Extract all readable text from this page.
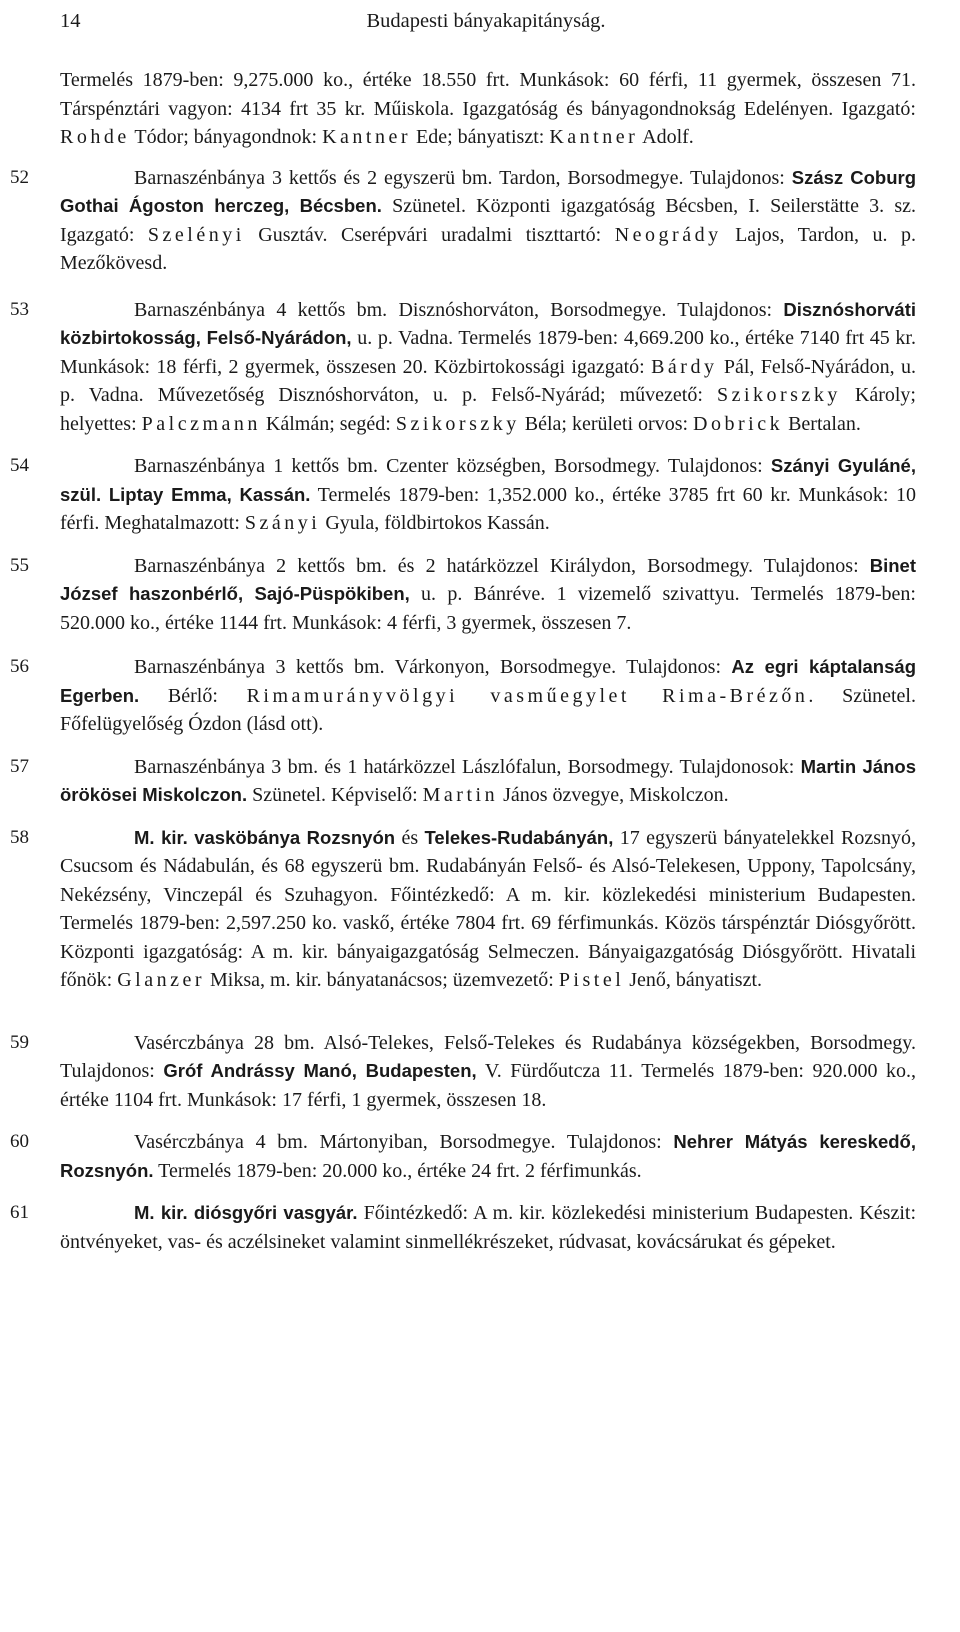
14	Budapesti bányakapitányság.

Termelés 1879-ben: 9,275.000 ko., értéke 18.550 frt. Munkások: 60 férfi, 11 gyermek, összesen 71. Társpénztári vagyon: 4134 frt 35 kr. Műiskola. Igazgatóság és bányagondnokság Edelényen. Igazgató: Rohde Tódor; bányagondnok: Kantner Ede; bányatiszt: Kantner Adolf.

52	Barnaszénbánya 3 kettős és 2 egyszerü bm. Tardon, Borsodmegye. Tulajdonos: Szász Coburg Gothai Ágoston herczeg, Bécsben. Szünetel. Központi igazgatóság Bécsben, I. Seilerstätte 3. sz. Igazgató: Szelényi Gusztáv. Cserépvári uradalmi tiszttartó: Neogrády Lajos, Tardon, u. p. Mezőkövesd.

53	Barnaszénbánya 4 kettős bm. Disznóshorváton, Borsodmegye. Tulajdonos: Disznóshorváti közbirtokosság, Felső-Nyárádon, u. p. Vadna. Termelés 1879-ben: 4,669.200 ko., értéke 7140 frt 45 kr. Munkások: 18 férfi, 2 gyermek, összesen 20. Közbirtokossági igazgató: Bárdy Pál, Felső-Nyárádon, u. p. Vadna. Művezetőség Disznóshorváton, u. p. Felső-Nyárád; művezető: Szikorszky Károly; helyettes: Palczmann Kálmán; segéd: Szikorszky Béla; kerületi orvos: Dobrick Bertalan.

54	Barnaszénbánya 1 kettős bm. Czenter községben, Borsodmegy. Tulajdonos: Szányi Gyuláné, szül. Liptay Emma, Kassán. Termelés 1879-ben: 1,352.000 ko., értéke 3785 frt 60 kr. Munkások: 10 férfi. Meghatalmazott: Szányi Gyula, földbirtokos Kassán.

55	Barnaszénbánya 2 kettős bm. és 2 határközzel Királydon, Borsodmegy. Tulajdonos: Binet József haszonbérlő, Sajó-Püspökiben, u. p. Bánréve. 1 vizemelő szivattyu. Termelés 1879-ben: 520.000 ko., értéke 1144 frt. Munkások: 4 férfi, 3 gyermek, összesen 7.

56	Barnaszénbánya 3 kettős bm. Várkonyon, Borsodmegye. Tulajdonos: Az egri káptalanság Egerben. Bérlő: Rimamurányvölgyi vasműegylet Rima-Brézőn. Szünetel. Főfelügyelőség Ózdon (lásd ott).

57	Barnaszénbánya 3 bm. és 1 határközzel Lászlófalun, Borsodmegy. Tulajdonosok: Martin János örökösei Miskolczon. Szünetel. Képviselő: Martin János özvegye, Miskolczon.

58	M. kir. vasköbánya Rozsnyón és Telekes-Rudabányán, 17 egyszerü bányatelekkel Rozsnyó, Csucsom és Nádabulán, és 68 egyszerü bm. Rudabányán Felső- és Alsó-Telekesen, Uppony, Tapolcsány, Nekézsény, Vinczepál és Szuhagyon. Főintézkedő: A m. kir. közlekedési ministerium Budapesten. Termelés 1879-ben: 2,597.250 ko. vaskő, értéke 7804 frt. 69 férfimunkás. Közös társpénztár Diósgyőrött. Központi igazgatóság: A m. kir. bányaigazgatóság Selmeczen. Bányaigazgatóság Diósgyőrött. Hivatali főnök: Glanzer Miksa, m. kir. bányatanácsos; üzemvezető: Pistel Jenő, bányatiszt.

59	Vasérczbánya 28 bm. Alsó-Telekes, Felső-Telekes és Rudabánya községekben, Borsodmegy. Tulajdonos: Gróf Andrássy Manó, Budapesten, V. Fürdőutcza 11. Termelés 1879-ben: 920.000 ko., értéke 1104 frt. Munkások: 17 férfi, 1 gyermek, összesen 18.

60	Vasérczbánya 4 bm. Mártonyiban, Borsodmegye. Tulajdonos: Nehrer Mátyás kereskedő, Rozsnyón. Termelés 1879-ben: 20.000 ko., értéke 24 frt. 2 férfimunkás.

61	M. kir. diósgyőri vasgyár. Főintézkedő: A m. kir. közlekedési ministerium Budapesten. Készit: öntvényeket, vas- és aczélsineket valamint sinmellékrészeket, rúdvasat, kovácsárukat és gépeket.
